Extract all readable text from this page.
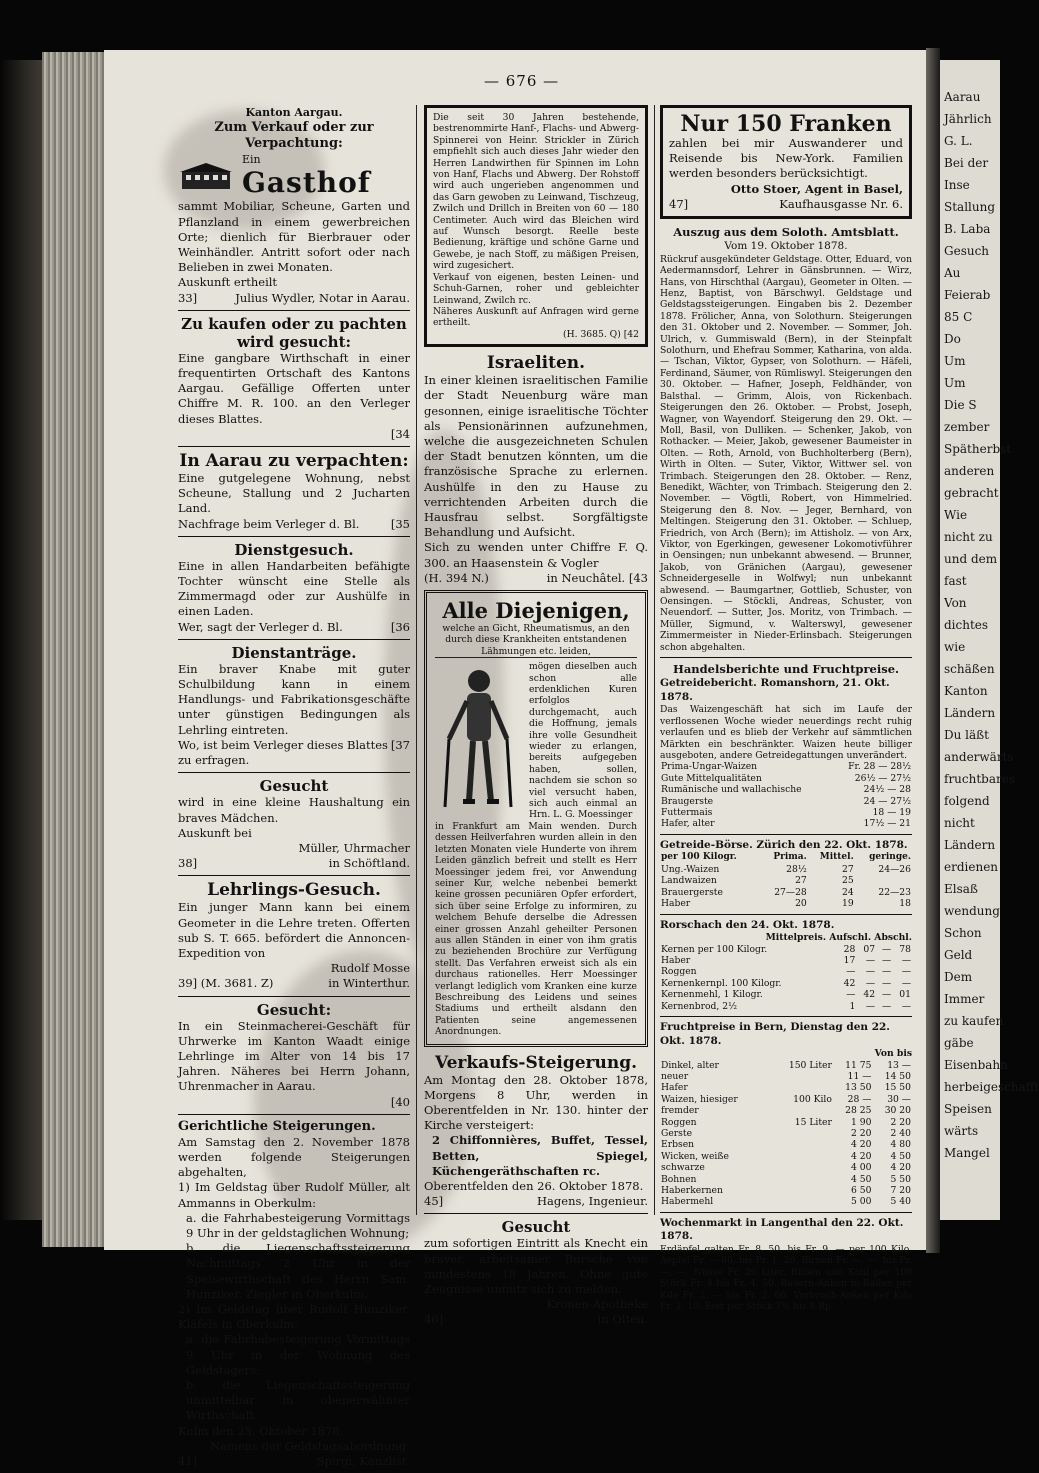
Aarau
Jährlich
G. L.
Bei der
Inse
Stallung
B. Laba
Gesuch
Au
Feierab
85 C
Do
Um
Um
Die S
zember
Spätherbst
anderen
gebracht
Wie
nicht zu
und dem
fast
Von
dichtes
wie
schäßen
Kanton
Ländern
Du läßt
anderwärts
fruchtbares
folgend
nicht
Ländern
erdienen
Elsaß
wendung
Schon
Geld
Dem
Immer
zu kaufen
gäbe
Eisenbahn
herbeigeschafft
Speisen
wärts
Mangel
— 676 —
Kanton Aargau.
Zum Verkauf oder zur Verpachtung:
Ein
Gasthof
sammt Mobiliar, Scheune, Garten und Pflanzland in einem gewerbreichen Orte; dienlich für Bierbrauer oder Weinhändler. Antritt sofort oder nach Belieben in zwei Monaten.
Auskunft ertheilt
33]	Julius Wydler, Notar in Aarau.
Zu kaufen oder zu pachten wird gesucht:
Eine gangbare Wirthschaft in einer frequentirten Ortschaft des Kantons Aargau. Gefällige Offerten unter Chiffre M. R. 100. an den Verleger dieses Blattes.
[34
In Aarau zu verpachten:
Eine gutgelegene Wohnung, nebst Scheune, Stallung und 2 Jucharten Land.
Nachfrage beim Verleger d. Bl.	[35
Dienstgesuch.
Eine in allen Handarbeiten befähigte Tochter wünscht eine Stelle als Zimmermagd oder zur Aushülfe in einen Laden.
Wer, sagt der Verleger d. Bl.	[36
Dienstanträge.
Ein braver Knabe mit guter Schulbildung kann in einem Handlungs- und Fabrikationsgeschäfte unter günstigen Bedingungen als Lehrling eintreten.
Wo, ist beim Verleger dieses Blattes zu erfragen.
[37
Gesucht
wird in eine kleine Haushaltung ein braves Mädchen.
Auskunft bei
Müller, Uhrmacher
38]	in Schöftland.
Lehrlings-Gesuch.
Ein junger Mann kann bei einem Geometer in die Lehre treten. Offerten sub S. T. 665. befördert die Annoncen-Expedition von
Rudolf Mosse
39] (M. 3681. Z)	in Winterthur.
Gesucht:
In ein Steinmacherei-Geschäft für Uhrwerke im Kanton Waadt einige Lehrlinge im Alter von 14 bis 17 Jahren. Näheres bei Herrn Johann, Uhrenmacher in Aarau.
[40
Gerichtliche Steigerungen.
Am Samstag den 2. November 1878 werden folgende Steigerungen abgehalten,
1) Im Geldstag über Rudolf Müller, alt Ammanns in Oberkulm:
a. die Fahrhabesteigerung Vormittags 9 Uhr in der geldstaglichen Wohnung;
b. die Liegenschaftssteigerung Nachmittags 2 Uhr in der Speisewirthschaft des Herrn Sam. Hunziker, Ziegler in Oberkulm.
2) Im Geldstag über Rudolf Hunziker, Kläfels in Oberkulm:
a. die Fahrhabesteigerung Vormittags 9 Uhr in der Wohnung des Geldstagers;
b. die Liegenschaftssteigerung unmittelbar in obenerwähnter Wirthschaft.
Kulm den 25. Oktober 1878.
Namens der Geldstagsabordnung:
41]	Spirgi, Kanzlist.
Die seit 30 Jahren bestehende, bestrenommirte Hanf-, Flachs- und Abwerg-Spinnerei von Heinr. Strickler in Zürich empfiehlt sich auch dieses Jahr wieder den Herren Landwirthen für Spinnen im Lohn von Hanf, Flachs und Abwerg. Der Rohstoff wird auch ungerieben angenommen und das Garn gewoben zu Leinwand, Tischzeug, Zwilch und Drillch in Breiten von 60 — 180 Centimeter. Auch wird das Bleichen wird auf Wunsch besorgt. Reelle beste Bedienung, kräftige und schöne Garne und Gewebe, je nach Stoff, zu mäßigen Preisen, wird zugesichert.
Verkauf von eigenen, besten Leinen- und Schuh-Garnen, roher und gebleichter Leinwand, Zwilch rc.
Näheres Auskunft auf Anfragen wird gerne ertheilt.
(H. 3685. Q) [42
Israeliten.
In einer kleinen israelitischen Familie der Stadt Neuenburg wäre man gesonnen, einige israelitische Töchter als Pensionärinnen aufzunehmen, welche die ausgezeichneten Schulen der Stadt benutzen könnten, um die französische Sprache zu erlernen. Aushülfe in den zu Hause zu verrichtenden Arbeiten durch die Hausfrau selbst. Sorgfältigste Behandlung und Aufsicht.
Sich zu wenden unter Chiffre F. Q. 300. an Haasenstein & Vogler
(H. 394 N.)	in Neuchâtel. [43
Alle Diejenigen,
welche an Gicht, Rheumatismus, an den durch diese Krankheiten entstandenen Lähmungen etc. leiden,
mögen dieselben auch schon alle erdenklichen Kuren erfolglos durchgemacht, auch die Hoffnung, jemals ihre volle Gesundheit wieder zu erlangen, bereits aufgegeben haben, sollen, nachdem sie schon so viel versucht haben, sich auch einmal an Hrn. L. G. Moessinger
in Frankfurt am Main wenden. Durch dessen Heilverfahren wurden allein in den letzten Monaten viele Hunderte von ihrem Leiden gänzlich befreit und stellt es Herr Moessinger jedem frei, vor Anwendung seiner Kur, welche nebenbei bemerkt keine grossen pecuniären Opfer erfordert, sich über seine Erfolge zu informiren, zu welchem Behufe derselbe die Adressen einer grossen Anzahl geheilter Personen aus allen Ständen in einer von ihm gratis zu beziehenden Brochüre zur Verfügung stellt. Das Verfahren erweist sich als ein durchaus rationelles. Herr Moessinger verlangt lediglich vom Kranken eine kurze Beschreibung des Leidens und seines Stadiums und ertheilt alsdann den Patienten seine angemessenen Anordnungen.
Verkaufs-Steigerung.
Am Montag den 28. Oktober 1878, Morgens 8 Uhr, werden in Oberentfelden in Nr. 130. hinter der Kirche versteigert:
2 Chiffonnières, Buffet, Tessel, Betten, Spiegel, Küchengeräthschaften rc.
Oberentfelden den 26. Oktober 1878.
45]	Hagens, Ingenieur.
Gesucht
zum sofortigen Eintritt als Knecht ein braver, arbeitsamer Bursche von mindestens 18 Jahren. Ohne gute Zeugnisse unnütz sich zu melden.
Kronen-Apotheke
46]	in Olten.
Nur 150 Franken
zahlen bei mir Auswanderer und Reisende bis New-York. Familien werden besonders berücksichtigt.
Otto Stoer, Agent in Basel,
47]	Kaufhausgasse Nr. 6.
Auszug aus dem Soloth. Amtsblatt.
Vom 19. Oktober 1878.
Rückruf ausgekündeter Geldstage. Otter, Eduard, von Aedermannsdorf, Lehrer in Gänsbrunnen. — Wirz, Hans, von Hirschthal (Aargau), Geometer in Olten. — Henz, Baptist, von Bärschwyl. Geldstage und Geldstagssteigerungen. Eingaben bis 2. Dezember 1878. Frölicher, Anna, von Solothurn. Steigerungen den 31. Oktober und 2. November. — Sommer, Joh. Ulrich, v. Gummiswald (Bern), in der Steinpfalt Solothurn, und Ehefrau Sommer, Katharina, von alda. — Tschan, Viktor, Gypser, von Solothurn. — Häfeli, Ferdinand, Säumer, von Rümliswyl. Steigerungen den 30. Oktober. — Hafner, Joseph, Feldhänder, von Balsthal. — Grimm, Alois, von Rickenbach. Steigerungen den 26. Oktober. — Probst, Joseph, Wagner, von Wayendorf. Steigerung den 29. Okt. — Moll, Basil, von Dulliken. — Schenker, Jakob, von Rothacker. — Meier, Jakob, gewesener Baumeister in Olten. — Roth, Arnold, von Buchholterberg (Bern), Wirth in Olten. — Suter, Viktor, Wittwer sel. von Trimbach. Steigerungen den 28. Oktober. — Renz, Benedikt, Wächter, von Trimbach. Steigerung den 2. November. — Vögtli, Robert, von Himmelried. Steigerung den 8. Nov. — Jeger, Bernhard, von Meltingen. Steigerung den 31. Oktober. — Schluep, Friedrich, von Arch (Bern); im Attisholz. — von Arx, Viktor, von Egerkingen, gewesener Lokomotivführer in Oensingen; nun unbekannt abwesend. — Brunner, Jakob, von Gränichen (Aargau), gewesener Schneidergeselle in Wolfwyl; nun unbekannt abwesend. — Baumgartner, Gottlieb, Schuster, von Oensingen. — Stöckli, Andreas, Schuster, von Neuendorf. — Sutter, Jos. Moritz, von Trimbach. — Müller, Sigmund, v. Walterswyl, gewesener Zimmermeister in Nieder-Erlinsbach. Steigerungen schon abgehalten.
Handelsberichte und Fruchtpreise.
Getreidebericht. Romanshorn, 21. Okt. 1878.
Das Waizengeschäft hat sich im Laufe der verflossenen Woche wieder neuerdings recht ruhig verlaufen und es blieb der Verkehr auf sämmtlichen Märkten ein beschränkter. Waizen heute billiger ausgeboten, andere Getreidegattungen unverändert.
Prima-Ungar-Waizen	Fr. 28 — 28½
Gute Mittelqualitäten	26½ — 27½
Rumänische und wallachische	24½ — 28
Braugerste	24 — 27½
Futtermais	18 — 19
Hafer, alter	17½ — 21
Getreide-Börse. Zürich den 22. Okt. 1878.
per 100 Kilogr.	Prima.	Mittel.	geringe.
Ung.-Waizen	28½	27	24—26
Landwaizen	27	25	
Brauergerste	27—28	24	22—23
Haber	20	19	18
Rorschach den 24. Okt. 1878.
Mittelpreis. Aufschl. Abschl.
Kernen per 100 Kilogr.	28	07	—	78
Haber	17	—	—	—
Roggen	—	—	—	—
Kernenkernpl. 100 Kilogr.	42	—	—	—
Kernenmehl, 1 Kilogr.	—	42	—	01
Kernenbrod, 2½	1	—	—	—
Fruchtpreise in Bern, Dienstag den 22. Okt. 1878.
Von bis
Dinkel, alter	150 Liter	11 75	13 —
neuer		11 —	14 50
Hafer		13 50	15 50
Waizen, hiesiger	100 Kilo	28 —	30 —
fremder		28 25	30 20
Roggen	15 Liter	1 90	2 20
Gerste		2 20	2 40
Erbsen		4 20	4 80
Wicken, weiße		4 20	4 50
schwarze		4 00	4 20
Bohnen		4 50	5 50
Haberkernen		6 50	7 20
Habermehl		5 00	5 40
Wochenmarkt in Langenthal den 22. Okt. 1878.
Erdäpfel galten Fr. 8. 50. bis Fr. 9. — per 100 Kilo. Aepfel Fr. — 80. bis Fr. 1. 20. Birnen Fr. —. —. bis Fr. —. —. Nüsse Fr. 20 Liter. Rüben und Kohl per 100 Stück Fr. 4 bis Fr. 4. 50. Bauern-Anken in Ballen per Kilo Fr. 2. — bis Fr. 2. 60. Vorbruch-Anken per Kilo Fr. 2. 10. Eier per Stück 7½ bis 8 Rp.
